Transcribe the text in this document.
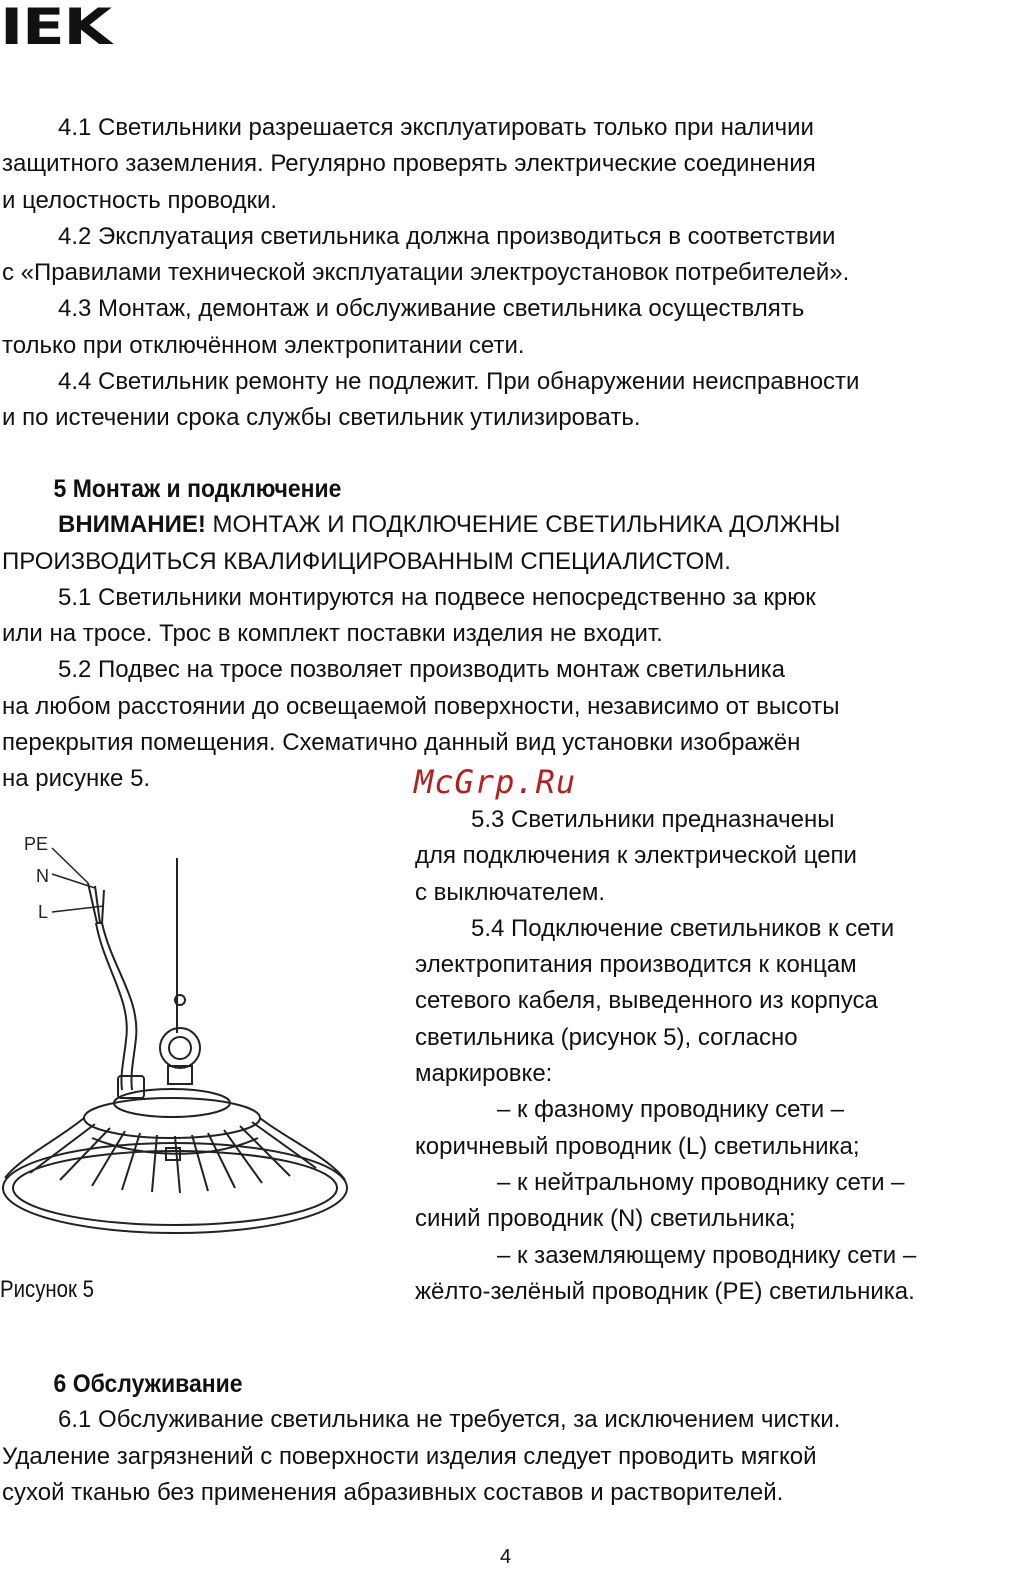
IEK

4.1 Светильники разрешается эксплуатировать только при наличии
защитного заземления. Регулярно проверять электрические соединения
и целостность проводки.

4.2 Эксплуатация светильника должна производиться в соответствии
с «Правилами технической эксплуатации электроустановок потребителей».

4.3 Монтаж, демонтаж и обслуживание светильника осуществлять
только при отключённом электропитании сети.

4.4 Светильник ремонту не подлежит. При обнаружении неисправности
и по истечении срока службы светильник утилизировать.

5 Монтаж и подключение

ВНИМАНИЕ! МОНТАЖ И ПОДКЛЮЧЕНИЕ СВЕТИЛЬНИКА ДОЛЖНЫ
ПРОИЗВОДИТЬСЯ КВАЛИФИЦИРОВАННЫМ СПЕЦИАЛИСТОМ.

5.1 Светильники монтируются на подвесе непосредственно за крюк
или на тросе. Трос в комплект поставки изделия не входит.

5.2 Подвес на тросе позволяет производить монтаж светильника
на любом расстоянии до освещаемой поверхности, независимо от высоты
перекрытия помещения. Схематично данный вид установки изображён
на рисунке 5.	McGrp.Ru

5.3 Светильники предназначены
для подключения к электрической цепи
с выключателем.

5.4 Подключение светильников к сети
электропитания производится к концам
сетевого кабеля, выведенного из корпуса
светильника (рисунок 5), согласно
маркировке:

– к фазному проводнику сети –
коричневый проводник (L) светильника;

– к нейтральному проводнику сети –
синий проводник (N) светильника;

– к заземляющему проводнику сети –
жёлто-зелёный проводник (PE) светильника.

PE
N
L
Рисунок 5

6 Обслуживание

6.1 Обслуживание светильника не требуется, за исключением чистки.
Удаление загрязнений с поверхности изделия следует проводить мягкой
сухой тканью без применения абразивных составов и растворителей.

4
